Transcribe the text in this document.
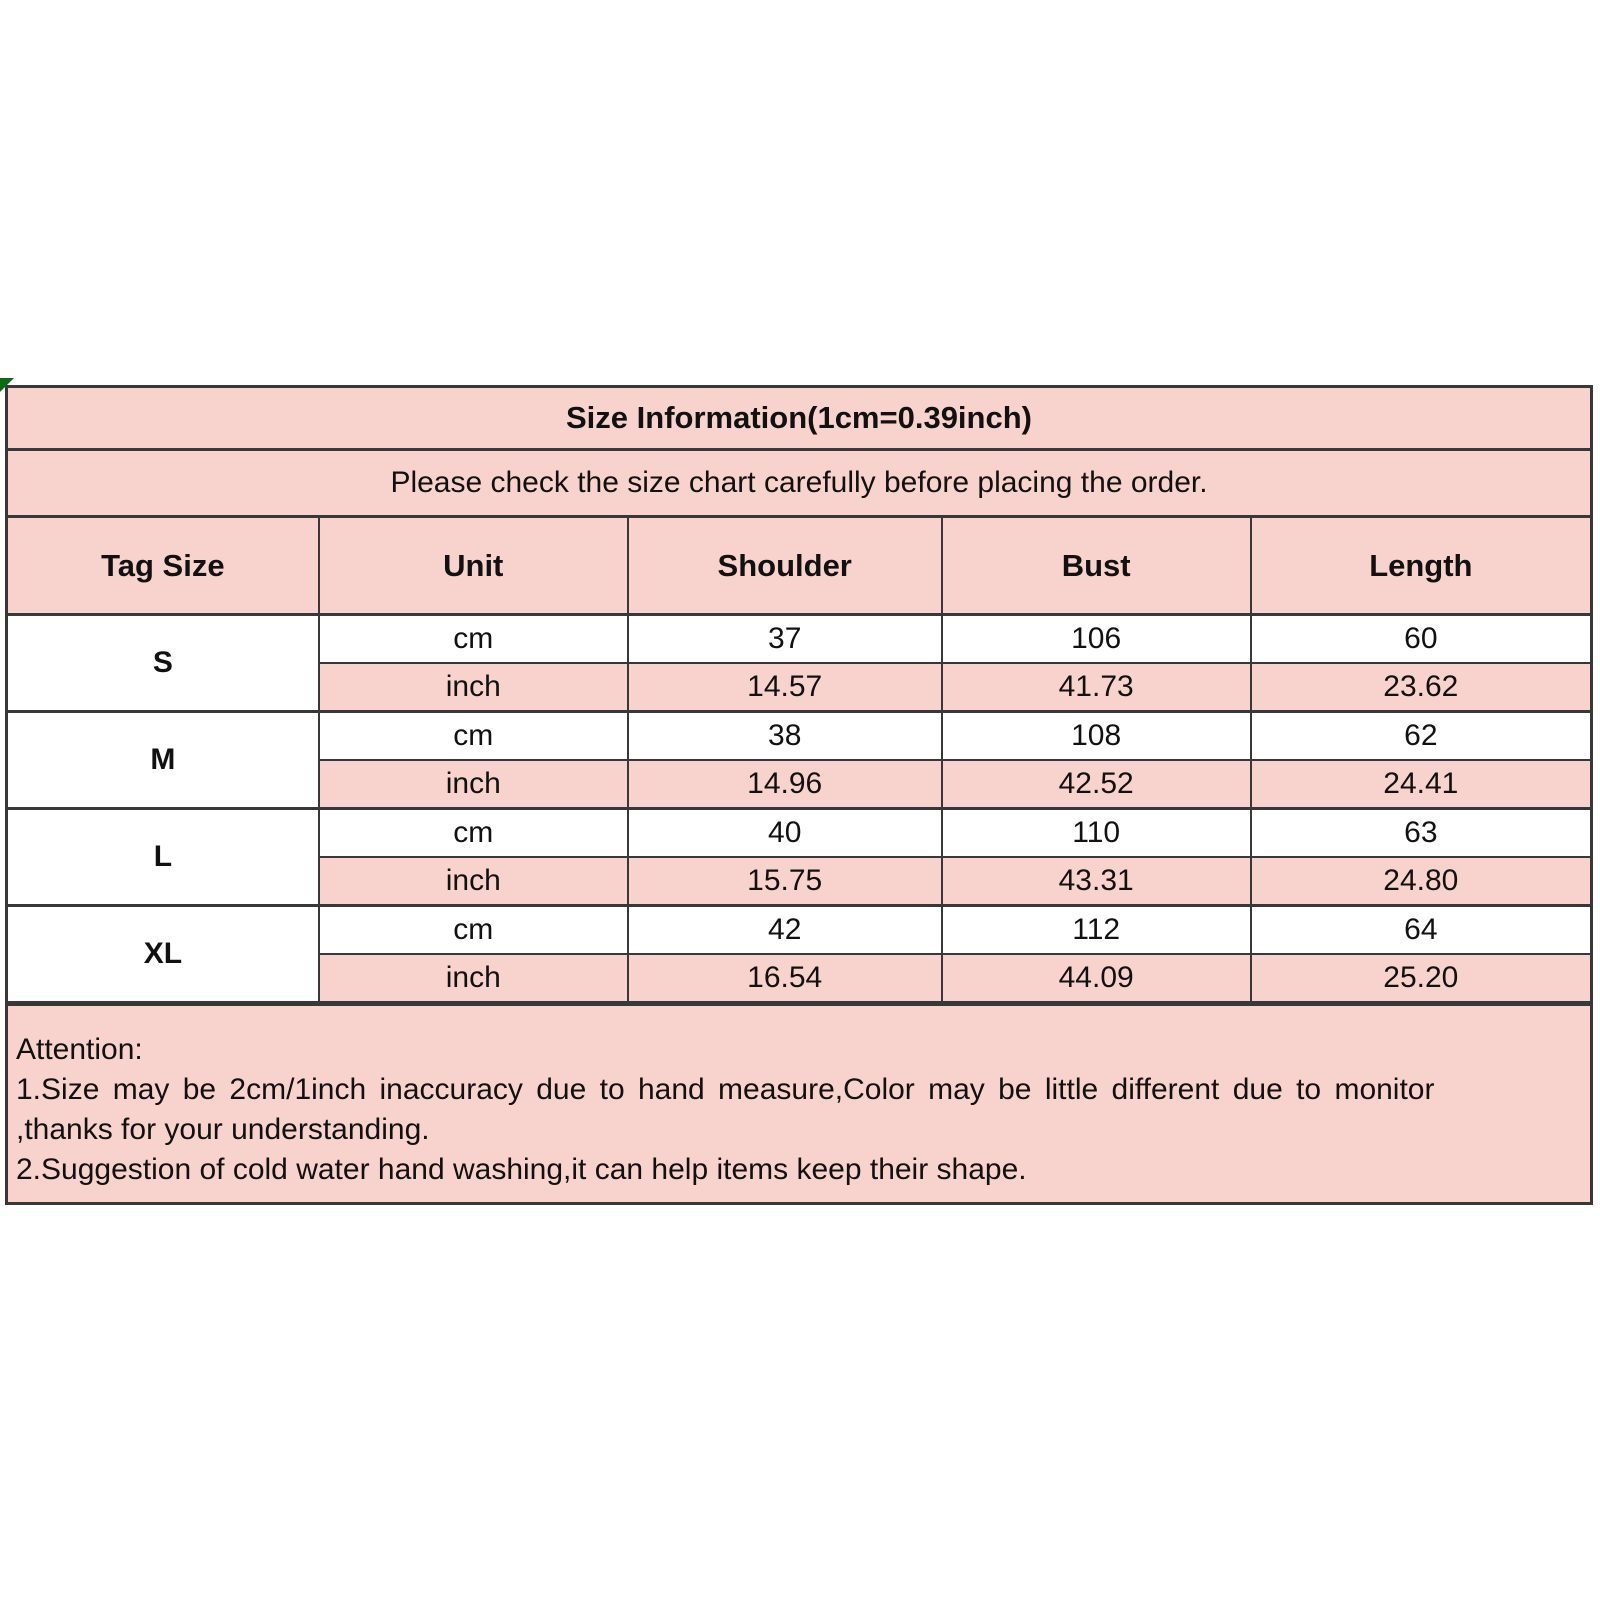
Size Information(1cm=0.39inch)				
Please check the size chart carefully before placing the order.				
Tag Size	Unit	Shoulder	Bust	Length
S	cm	37	106	60
	inch	14.57	41.73	23.62
M	cm	38	108	62
	inch	14.96	42.52	24.41
L	cm	40	110	63
	inch	15.75	43.31	24.80
XL	cm	42	112	64
	inch	16.54	44.09	25.20
Attention:
1.Size may be 2cm/1inch inaccuracy due to hand measure,Color may be little different due to monitor
,thanks for your understanding.
2.Suggestion of cold water hand washing,it can help items keep their shape.
